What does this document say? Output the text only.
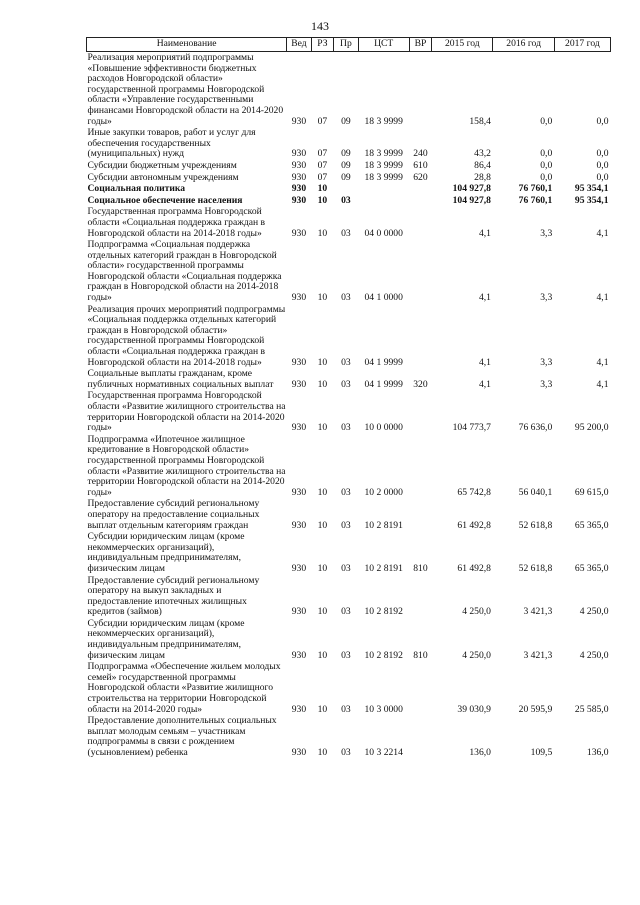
143
Наименование	Вед	РЗ	Пр	ЦСТ	ВР	2015 год	2016 год	2017 год
Реализация мероприятий подпрограммы «Повышение эффективности бюджетных расходов Новгородской области» государственной программы Новгородской области «Управление государственными финансами Новгородской области на 2014-2020 годы»	930	07	09	18 3 9999		158,4	0,0	0,0
Иные закупки товаров, работ и услуг для обеспечения государственных (муниципальных) нужд	930	07	09	18 3 9999	240	43,2	0,0	0,0
Субсидии бюджетным учреждениям	930	07	09	18 3 9999	610	86,4	0,0	0,0
Субсидии автономным учреждениям	930	07	09	18 3 9999	620	28,8	0,0	0,0
Социальная политика	930	10				104 927,8	76 760,1	95 354,1
Социальное обеспечение населения	930	10	03			104 927,8	76 760,1	95 354,1
Государственная программа Новгородской области «Социальная поддержка граждан в Новгородской области на 2014-2018 годы»	930	10	03	04 0 0000		4,1	3,3	4,1
Подпрограмма «Социальная поддержка отдельных категорий граждан в Новгородской области» государственной программы Новгородской области «Социальная поддержка граждан в Новгородской области на 2014-2018 годы»	930	10	03	04 1 0000		4,1	3,3	4,1
Реализация прочих мероприятий подпрограммы «Социальная поддержка отдельных категорий граждан в Новгородской области» государственной программы Новгородской области «Социальная поддержка граждан в Новгородской области на 2014-2018 годы»	930	10	03	04 1 9999		4,1	3,3	4,1
Социальные выплаты гражданам, кроме публичных нормативных социальных выплат	930	10	03	04 1 9999	320	4,1	3,3	4,1
Государственная программа Новгородской области «Развитие жилищного строительства на территории Новгородской области на 2014-2020 годы»	930	10	03	10 0 0000		104 773,7	76 636,0	95 200,0
Подпрограмма «Ипотечное жилищное кредитование в Новгородской области» государственной программы Новгородской области «Развитие жилищного строительства на территории Новгородской области на 2014-2020 годы»	930	10	03	10 2 0000		65 742,8	56 040,1	69 615,0
Предоставление субсидий региональному оператору на предоставление социальных выплат отдельным категориям граждан	930	10	03	10 2 8191		61 492,8	52 618,8	65 365,0
Субсидии юридическим лицам (кроме некоммерческих организаций), индивидуальным предпринимателям, физическим лицам	930	10	03	10 2 8191	810	61 492,8	52 618,8	65 365,0
Предоставление субсидий региональному оператору на выкуп закладных и предоставление ипотечных жилищных кредитов (займов)	930	10	03	10 2 8192		4 250,0	3 421,3	4 250,0
Субсидии юридическим лицам (кроме некоммерческих организаций), индивидуальным предпринимателям, физическим лицам	930	10	03	10 2 8192	810	4 250,0	3 421,3	4 250,0
Подпрограмма «Обеспечение жильем молодых семей» государственной программы Новгородской области «Развитие жилищного строительства на территории Новгородской области на 2014-2020 годы»	930	10	03	10 3 0000		39 030,9	20 595,9	25 585,0
Предоставление дополнительных социальных выплат молодым семьям – участникам подпрограммы в связи с рождением (усыновлением) ребенка	930	10	03	10 3 2214		136,0	109,5	136,0
